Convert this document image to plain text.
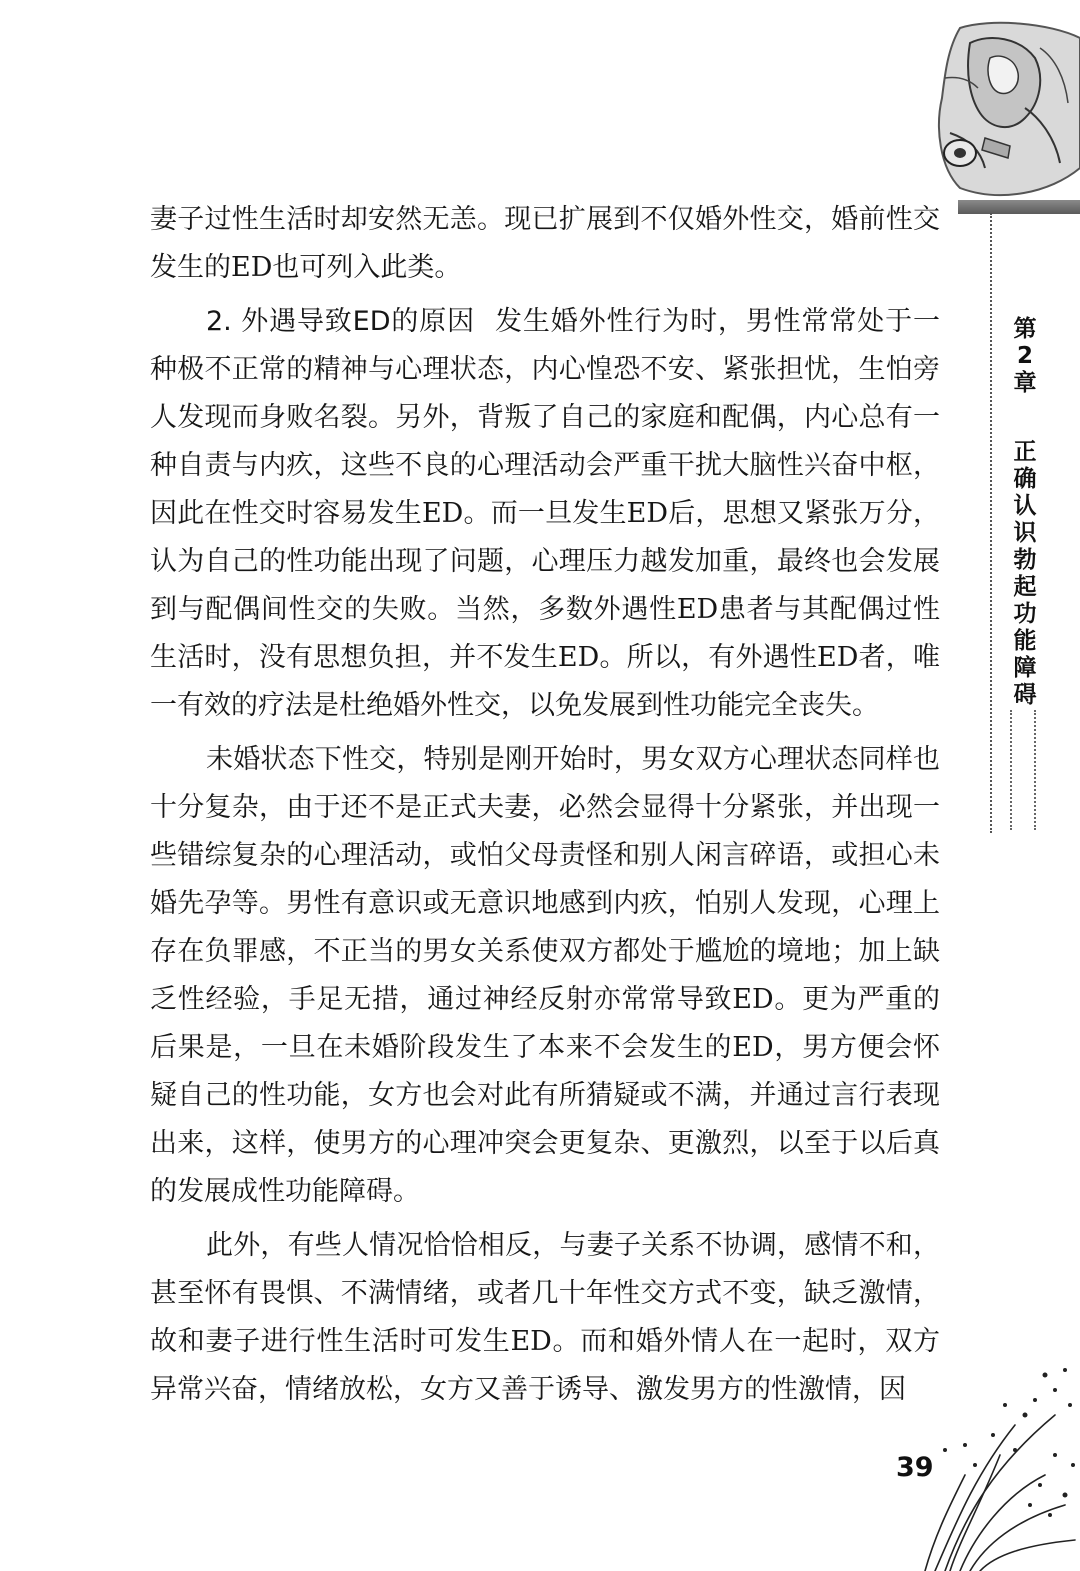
第
2
章
正
确
认
识
勃
起
功
能
障
碍

妻子过性生活时却安然无恙。现已扩展到不仅婚外性交，婚前性交发生的ED也可列入此类。

2. 外遇导致ED的原因 发生婚外性行为时，男性常常处于一种极不正常的精神与心理状态，内心惶恐不安、紧张担忧，生怕旁人发现而身败名裂。另外，背叛了自己的家庭和配偶，内心总有一种自责与内疚，这些不良的心理活动会严重干扰大脑性兴奋中枢，因此在性交时容易发生ED。而一旦发生ED后，思想又紧张万分，认为自己的性功能出现了问题，心理压力越发加重，最终也会发展到与配偶间性交的失败。当然，多数外遇性ED患者与其配偶过性生活时，没有思想负担，并不发生ED。所以，有外遇性ED者，唯一有效的疗法是杜绝婚外性交，以免发展到性功能完全丧失。

未婚状态下性交，特别是刚开始时，男女双方心理状态同样也十分复杂，由于还不是正式夫妻，必然会显得十分紧张，并出现一些错综复杂的心理活动，或怕父母责怪和别人闲言碎语，或担心未婚先孕等。男性有意识或无意识地感到内疚，怕别人发现，心理上存在负罪感，不正当的男女关系使双方都处于尴尬的境地；加上缺乏性经验，手足无措，通过神经反射亦常常导致ED。更为严重的后果是，一旦在未婚阶段发生了本来不会发生的ED，男方便会怀疑自己的性功能，女方也会对此有所猜疑或不满，并通过言行表现出来，这样，使男方的心理冲突会更复杂、更激烈，以至于以后真的发展成性功能障碍。

此外，有些人情况恰恰相反，与妻子关系不协调，感情不和，甚至怀有畏惧、不满情绪，或者几十年性交方式不变，缺乏激情，故和妻子进行性生活时可发生ED。而和婚外情人在一起时，双方异常兴奋，情绪放松，女方又善于诱导、激发男方的性激情，因

39
